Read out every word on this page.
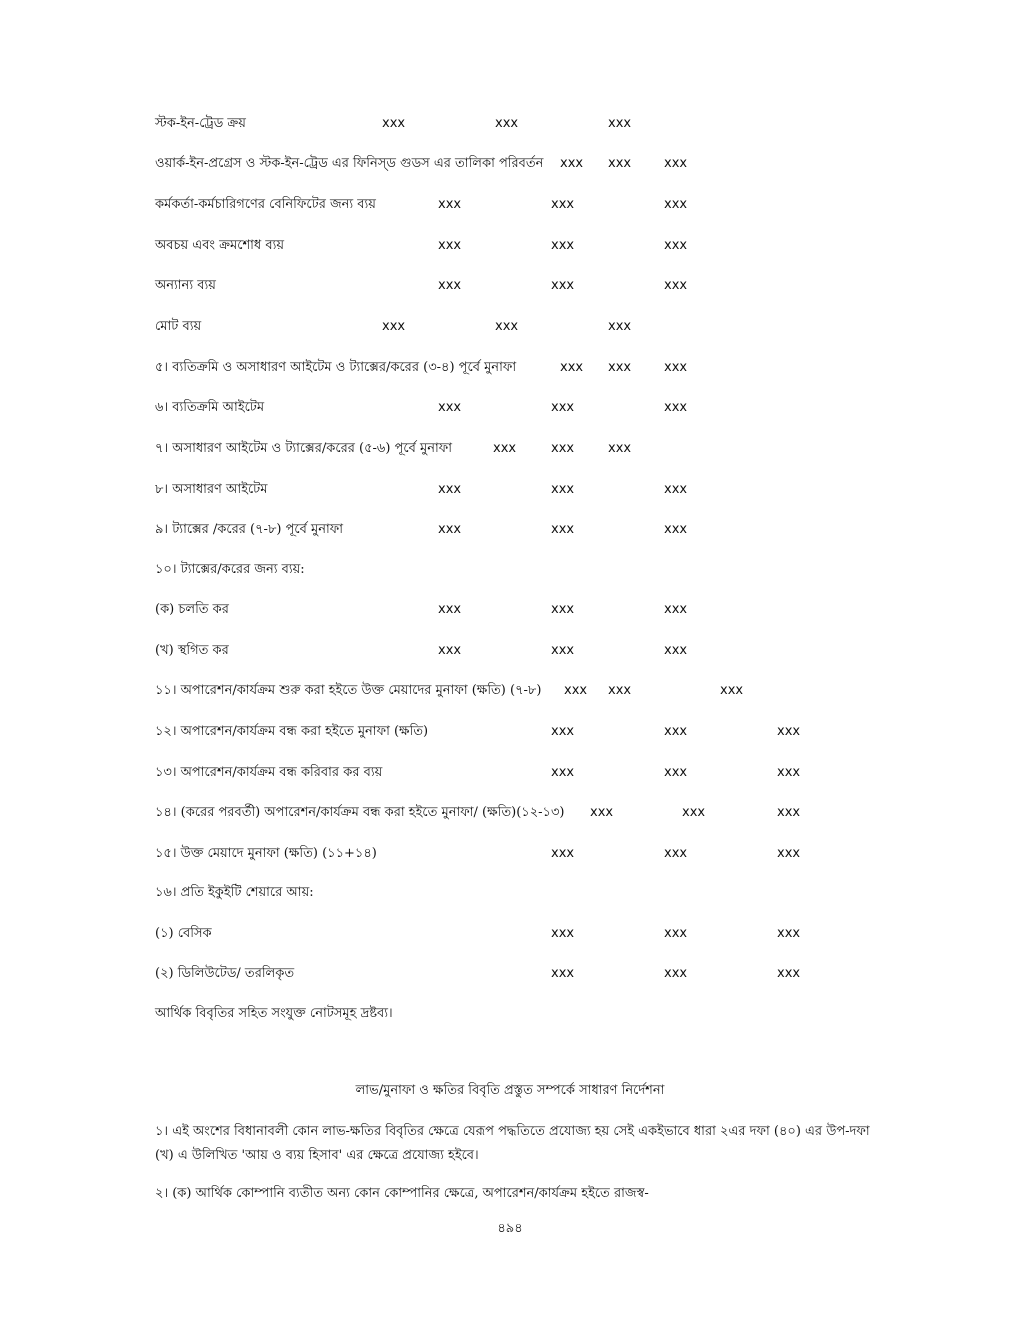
স্টক-ইন-ট্রেড ক্রয়	xxx	xxx	xxx
ওয়ার্ক-ইন-প্রগ্রেস ও স্টক-ইন-ট্রেড এর ফিনিস্ড গুডস এর তালিকা পরিবর্তন xxx xxx	xxx
কর্মকর্তা-কর্মচারিগণের বেনিফিটের জন্য ব্যয়	xxx	xxx	xxx
অবচয় এবং ক্রমশোধ ব্যয়	xxx	xxx	xxx
অন্যান্য ব্যয়	xxx	xxx	xxx
মোট ব্যয়	xxx	xxx	xxx
৫। ব্যতিক্রমি ও অসাধারণ আইটেম ও ট্যাক্সের/করের (৩-৪) পূর্বে মুনাফা	xxx xxx	xxx
৬। ব্যতিক্রমি আইটেম	xxx	xxx	xxx
৭। অসাধারণ আইটেম ও ট্যাক্সের/করের (৫-৬) পূর্বে মুনাফা	xxx	xxx	xxx
৮। অসাধারণ আইটেম	xxx	xxx	xxx
৯। ট্যাক্সের /করের (৭-৮) পূর্বে মুনাফা	xxx	xxx	xxx
১০। ট্যাক্সের/করের জন্য ব্যয়:
(ক) চলতি কর	xxx	xxx	xxx
(খ) স্থগিত কর	xxx	xxx	xxx
১১। অপারেশন/কার্যক্রম শুরু করা হইতে উক্ত মেয়াদের মুনাফা (ক্ষতি) (৭-৮) xxx xxx	xxx
১২। অপারেশন/কার্যক্রম বন্ধ করা হইতে মুনাফা (ক্ষতি)	xxx	xxx	xxx
১৩। অপারেশন/কার্যক্রম বন্ধ করিবার কর ব্যয়	xxx	xxx	xxx
১৪। (করের পরবর্তী) অপারেশন/কার্যক্রম বন্ধ করা হইতে মুনাফা/ (ক্ষতি)(১২-১৩) xxx	xxx	xxx
১৫। উক্ত মেয়াদে মুনাফা (ক্ষতি) (১১+১৪)	xxx	xxx	xxx
১৬। প্রতি ইকুইটি শেয়ারে আয়:
(১) বেসিক	xxx	xxx	xxx
(২) ডিলিউটেড/ তরলিকৃত	xxx	xxx	xxx
আর্থিক বিবৃতির সহিত সংযুক্ত নোটসমূহ দ্রষ্টব্য।
লাভ/মুনাফা ও ক্ষতির বিবৃতি প্রস্তুত সম্পর্কে সাধারণ নির্দেশনা
১। এই অংশের বিধানাবলী কোন লাভ-ক্ষতির বিবৃতির ক্ষেত্রে যেরূপ পদ্ধতিতে প্রযোজ্য হয় সেই একইভাবে ধারা ২এর দফা (৪০) এর উপ-দফা (খ) এ উলিখিত 'আয় ও ব্যয় হিসাব' এর ক্ষেত্রে প্রযোজ্য হইবে।
২। (ক) আর্থিক কোম্পানি ব্যতীত অন্য কোন কোম্পানির ক্ষেত্রে, অপারেশন/কার্যক্রম হইতে রাজস্ব-
৪৯৪
